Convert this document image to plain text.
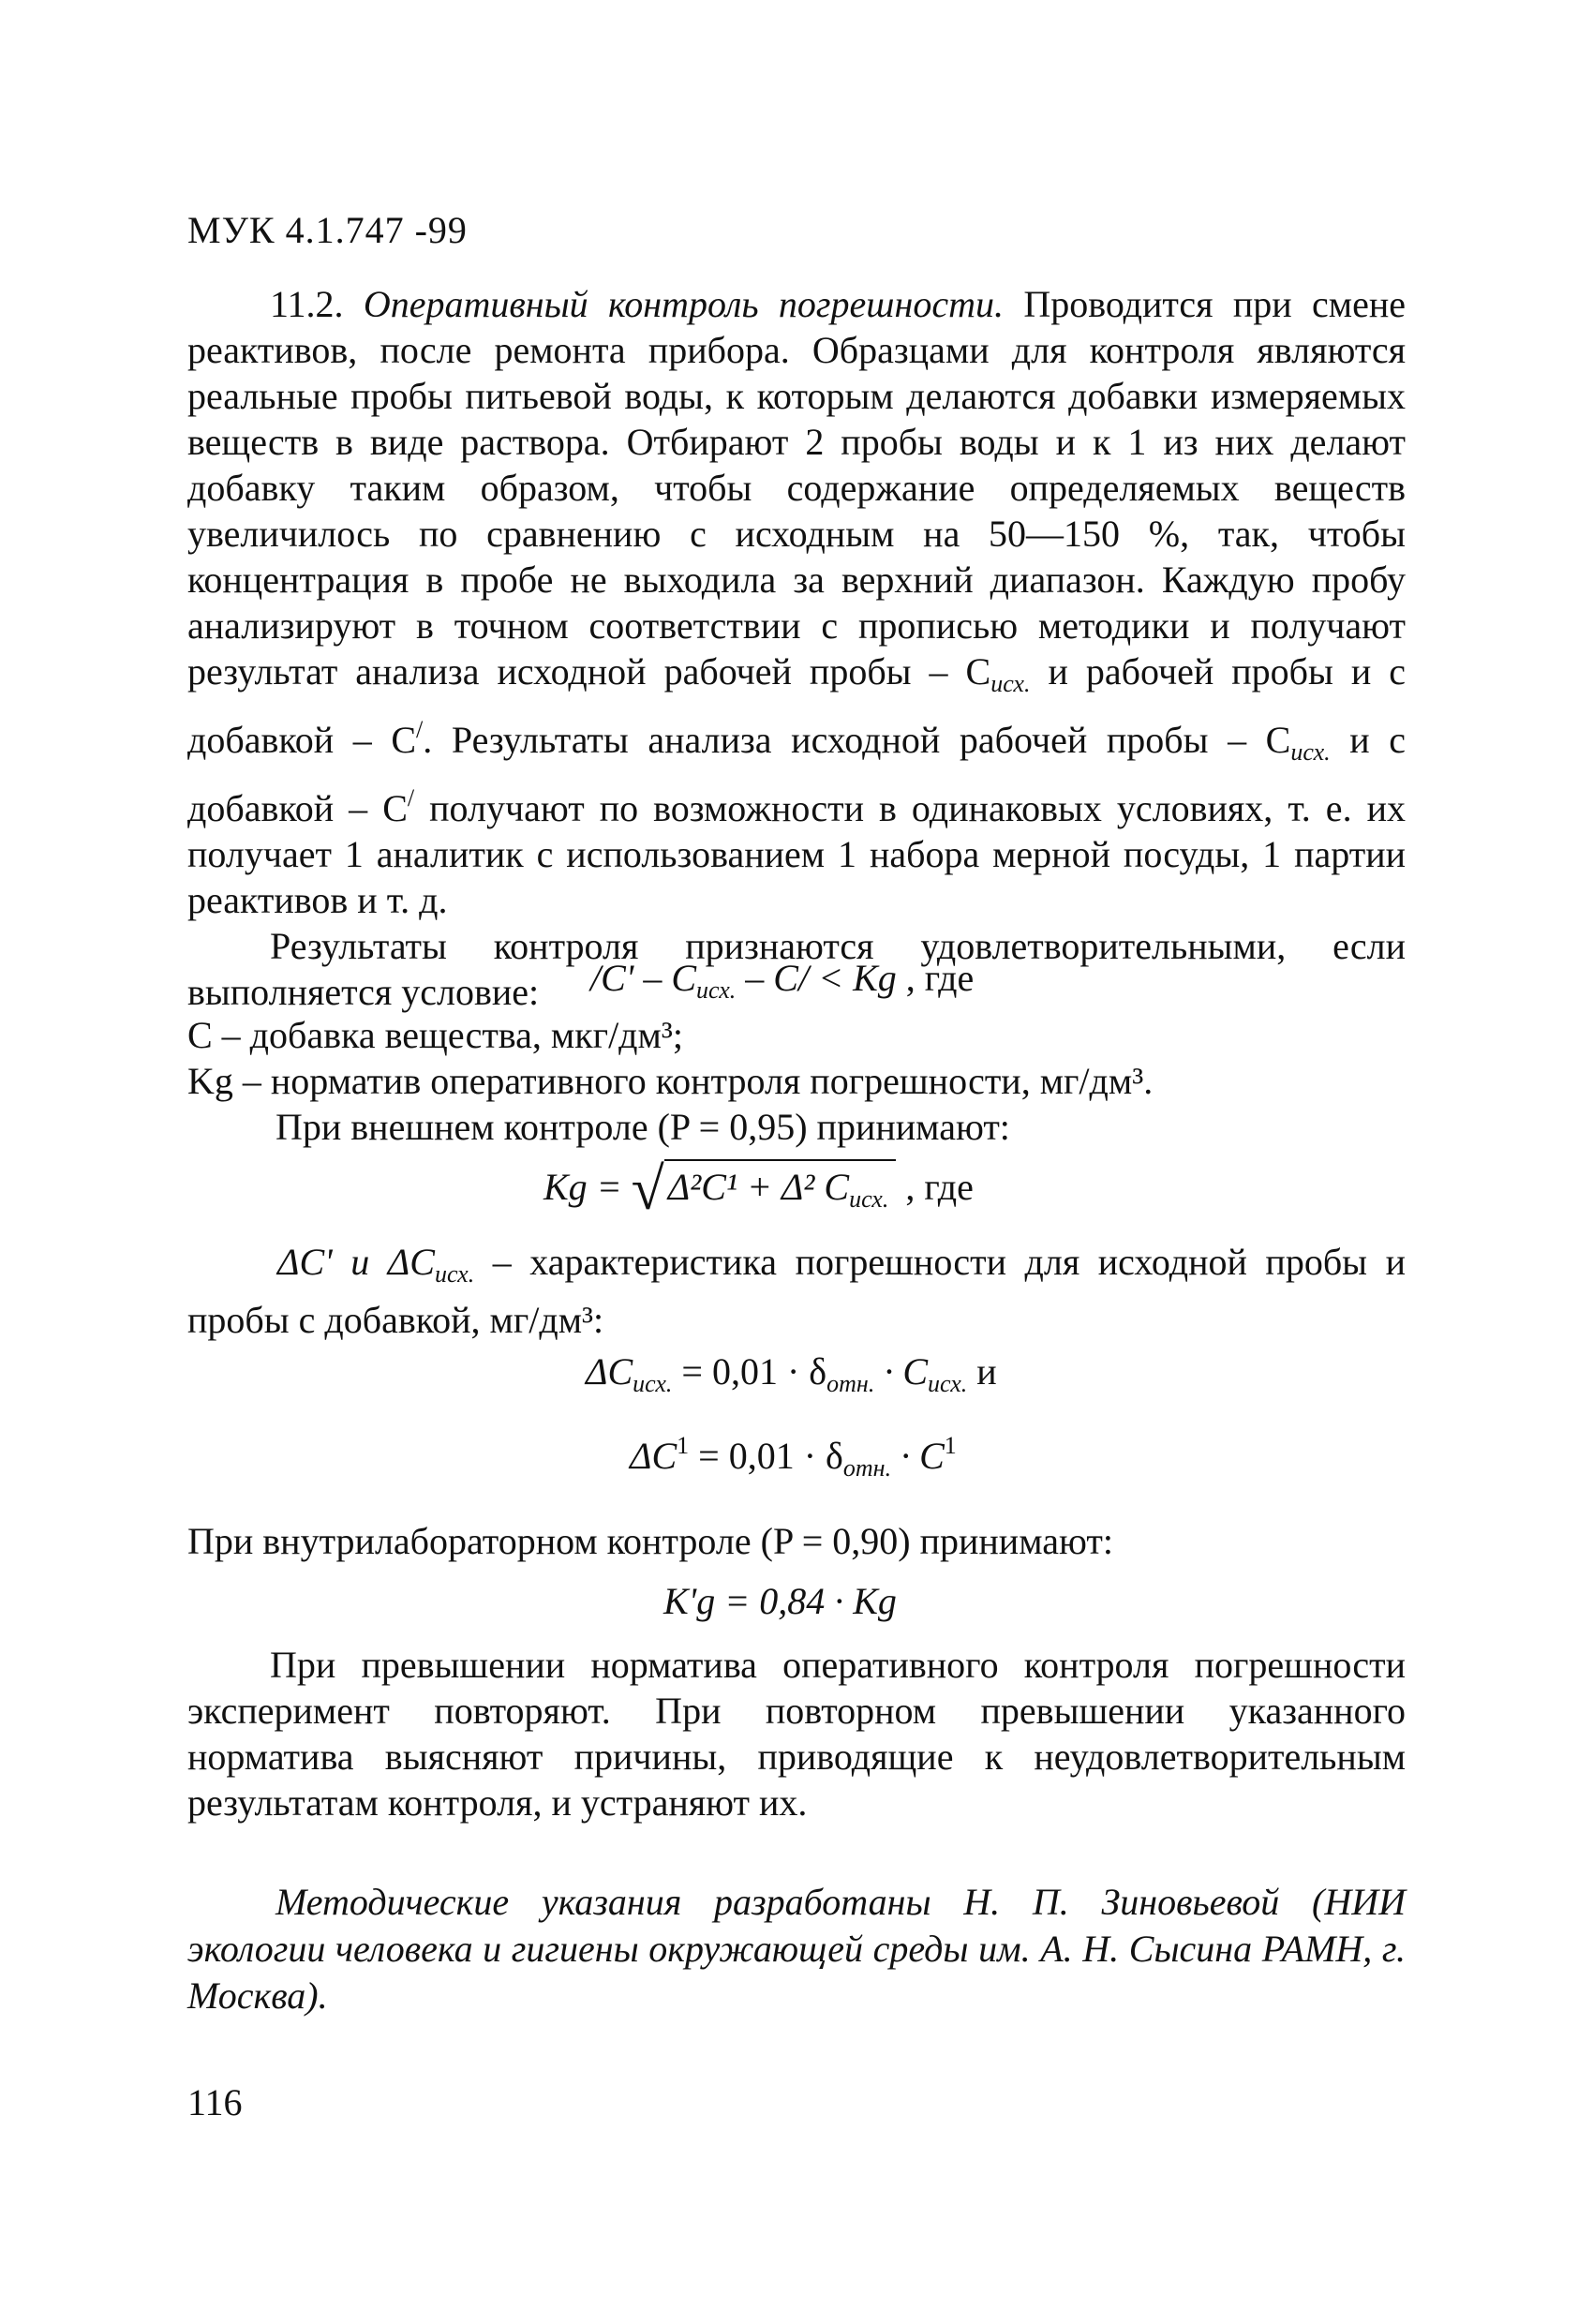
МУК 4.1.747 -99

11.2. Оперативный контроль погрешности. Проводится при смене реактивов, после ремонта прибора. Образцами для контроля являются реальные пробы питьевой воды, к которым делаются добавки измеряемых веществ в виде раствора. Отбирают 2 пробы воды и к 1 из них делают добавку таким образом, чтобы содержание определяемых веществ увеличилось по сравнению с исходным на 50—150 %, так, чтобы концентрация в пробе не выходила за верхний диапазон. Каждую пробу анализируют в точном соответствии с прописью методики и получают результат анализа исходной рабочей пробы – $C_{исх.}$ и рабочей пробы и с добавкой – C/. Результаты анализа исходной рабочей пробы – $C_{исх.}$ и с добавкой – C/ получают по возможности в одинаковых условиях, т. е. их получает 1 аналитик с использованием 1 набора мерной посуды, 1 партии реактивов и т. д.

Результаты контроля признаются удовлетворительными, если выполняется условие:	$/C' - C_{исх.} - C/ < Kg$ , где

C – добавка вещества, мкг/дм³;

Kg – норматив оперативного контроля погрешности, мг/дм³.

При внешнем контроле (P = 0,95) принимают:

Kg = √ Δ²C¹ + Δ² $C_{исх.}$ , где

ΔC' и $\Delta C_{исх.}$ – характеристика погрешности для исходной пробы и пробы с добавкой, мг/дм³:

$\Delta C_{исх.} = 0,01 \cdot \delta_{отн.} \cdot C_{исх.}$ и
$\Delta C^1 = 0,01 \cdot \delta_{отн.} \cdot C^1$

При внутрилабораторном контроле (P = 0,90) принимают:

K'g = 0,84 · Kg

При превышении норматива оперативного контроля погрешности эксперимент повторяют. При повторном превышении указанного норматива выясняют причины, приводящие к неудовлетворительным результатам контроля, и устраняют их.

Методические указания разработаны Н. П. Зиновьевой (НИИ экологии человека и гигиены окружающей среды им. А. Н. Сысина РАМН, г. Москва).

116
